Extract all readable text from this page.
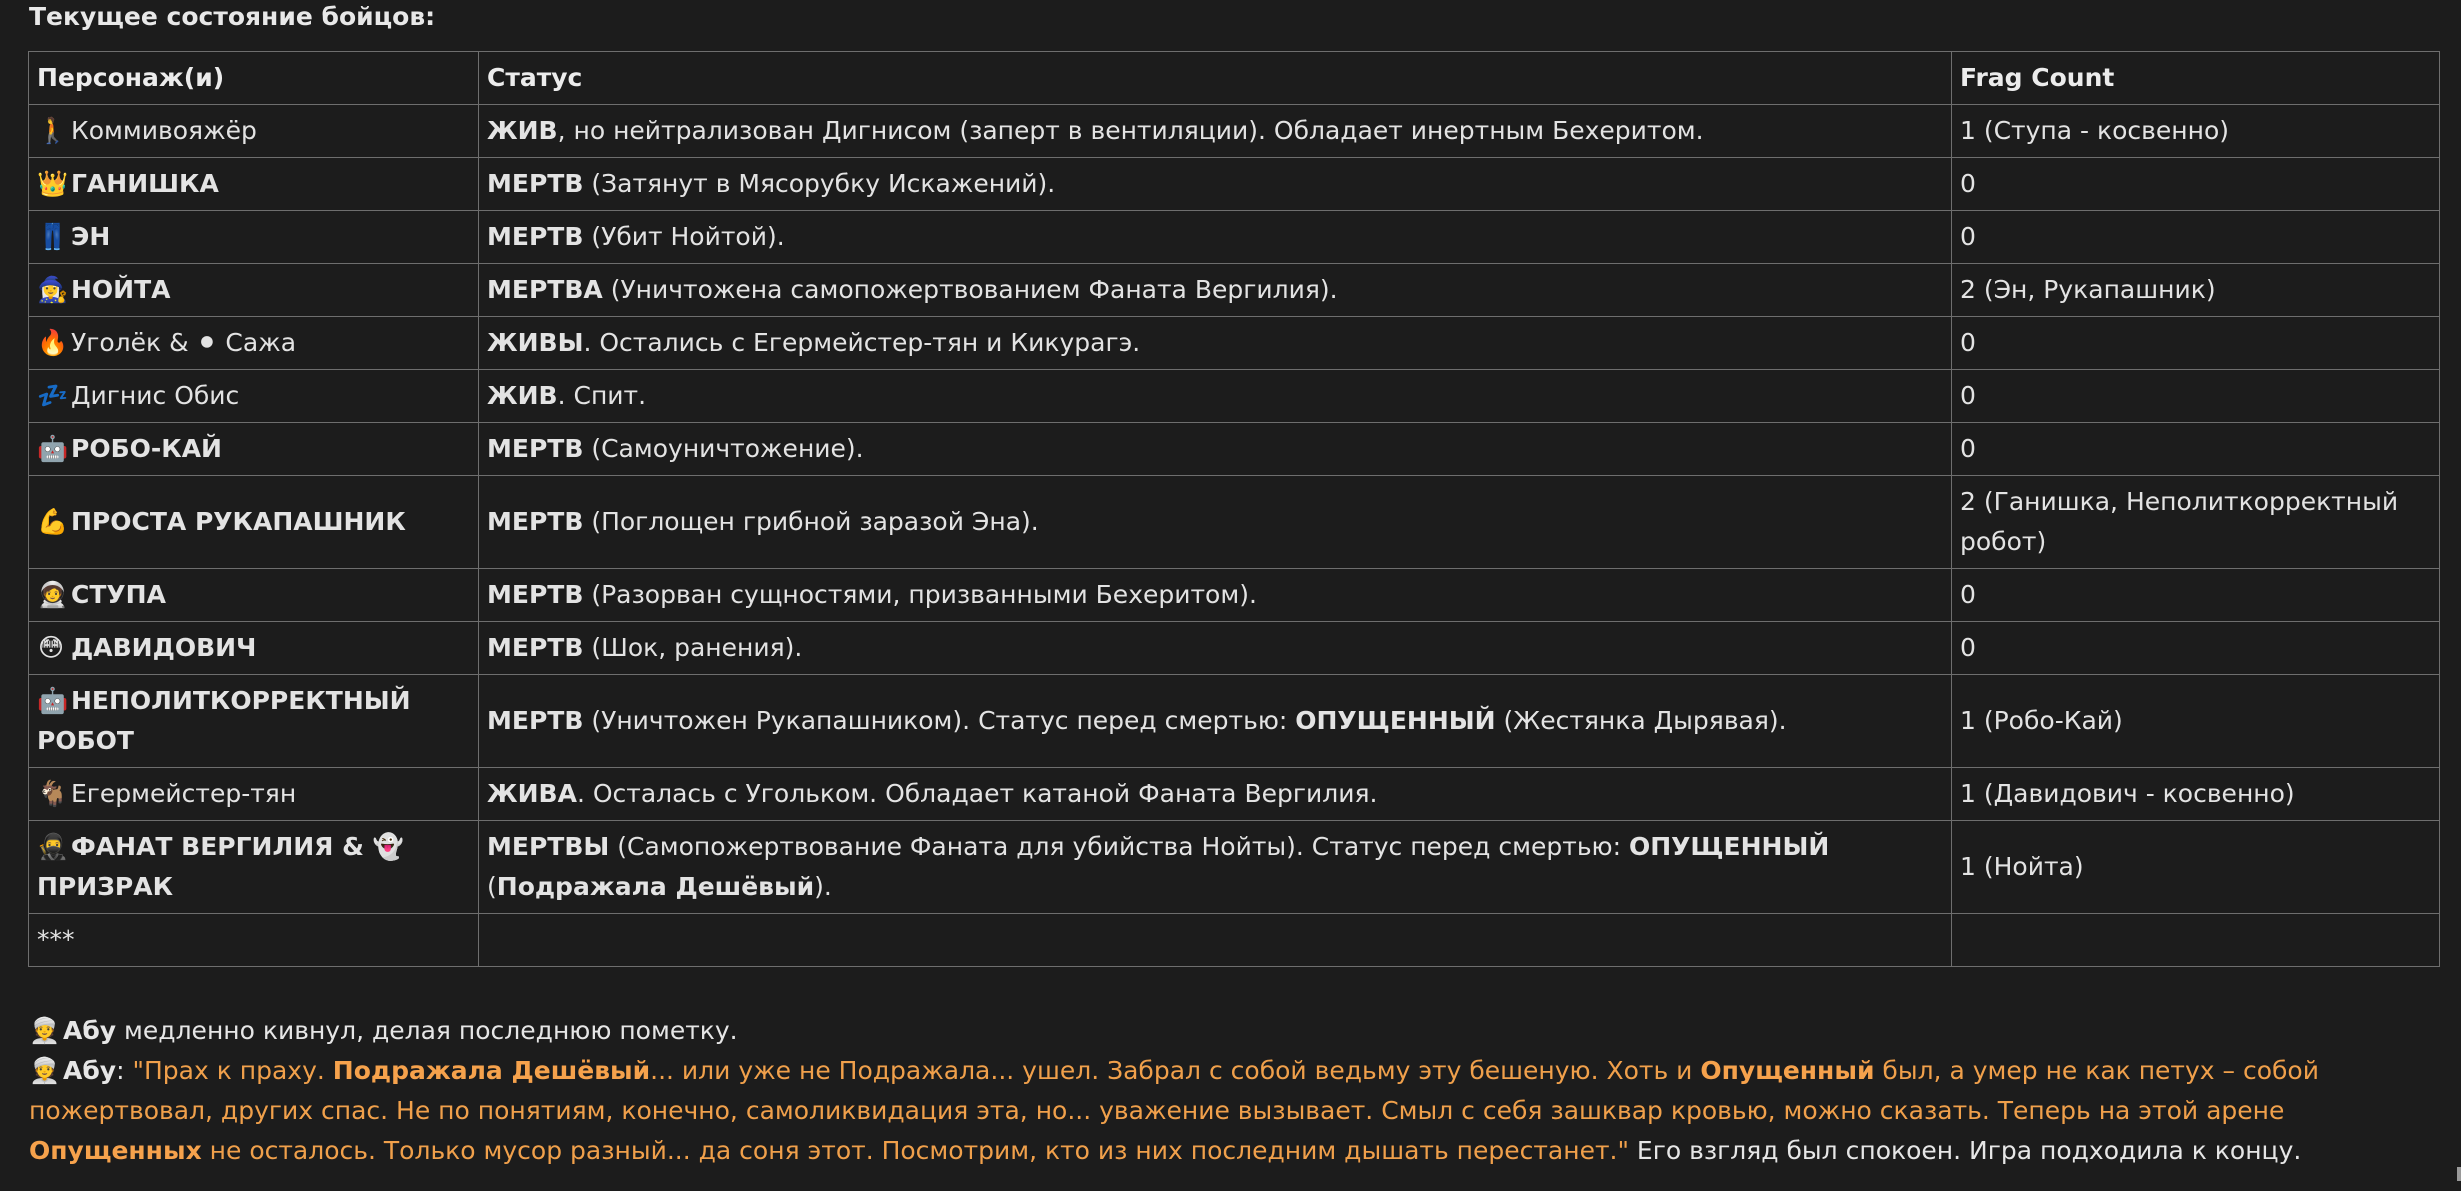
Текущее состояние бойцов:
Персонаж(и)	Статус	Frag Count
🚶 Коммивояжёр	ЖИВ, но нейтрализован Дигнисом (заперт в вентиляции). Обладает инертным Бехеритом.	1 (Ступа - косвенно)
👑 ГАНИШКА	МЕРТВ (Затянут в Мясорубку Искажений).	0
👖 ЭН	МЕРТВ (Убит Нойтой).	0
🧙‍♀️ НОЙТА	МЕРТВА (Уничтожена самопожертвованием Фаната Вергилия).	2 (Эн, Рукапашник)
🔥 Уголёк & ⚫ Сажа	ЖИВЫ. Остались с Егермейстер-тян и Кикурагэ.	0
💤 Дигнис Обис	ЖИВ. Спит.	0
🤖 РОБО-КАЙ	МЕРТВ (Самоуничтожение).	0
💪 ПРОСТА РУКАПАШНИК	МЕРТВ (Поглощен грибной заразой Эна).	2 (Ганишка, Неполиткорректный робот)
🧑‍🚀 СТУПА	МЕРТВ (Разорван сущностями, призванными Бехеритом).	0
😳 ДАВИДОВИЧ	МЕРТВ (Шок, ранения).	0
🤖 НЕПОЛИТКОРРЕКТНЫЙ РОБОТ	МЕРТВ (Уничтожен Рукапашником). Статус перед смертью: ОПУЩЕННЫЙ (Жестянка Дырявая).	1 (Робо-Кай)
🐐 Егермейстер-тян	ЖИВА. Осталась с Угольком. Обладает катаной Фаната Вергилия.	1 (Давидович - косвенно)
🥷 ФАНАТ ВЕРГИЛИЯ & 👻 ПРИЗРАК	МЕРТВЫ (Самопожертвование Фаната для убийства Нойты). Статус перед смертью: ОПУЩЕННЫЙ (Подражала Дешёвый).	1 (Нойта)
***		
👳 Абу медленно кивнул, делая последнюю пометку.
👳 Абу: "Прах к праху. Подражала Дешёвый... или уже не Подражала... ушел. Забрал с собой ведьму эту бешеную. Хоть и Опущенный был, а умер не как петух – собой пожертвовал, других спас. Не по понятиям, конечно, самоликвидация эта, но... уважение вызывает. Смыл с себя зашквар кровью, можно сказать. Теперь на этой арене Опущенных не осталось. Только мусор разный... да соня этот. Посмотрим, кто из них последним дышать перестанет." Его взгляд был спокоен. Игра подходила к концу.
